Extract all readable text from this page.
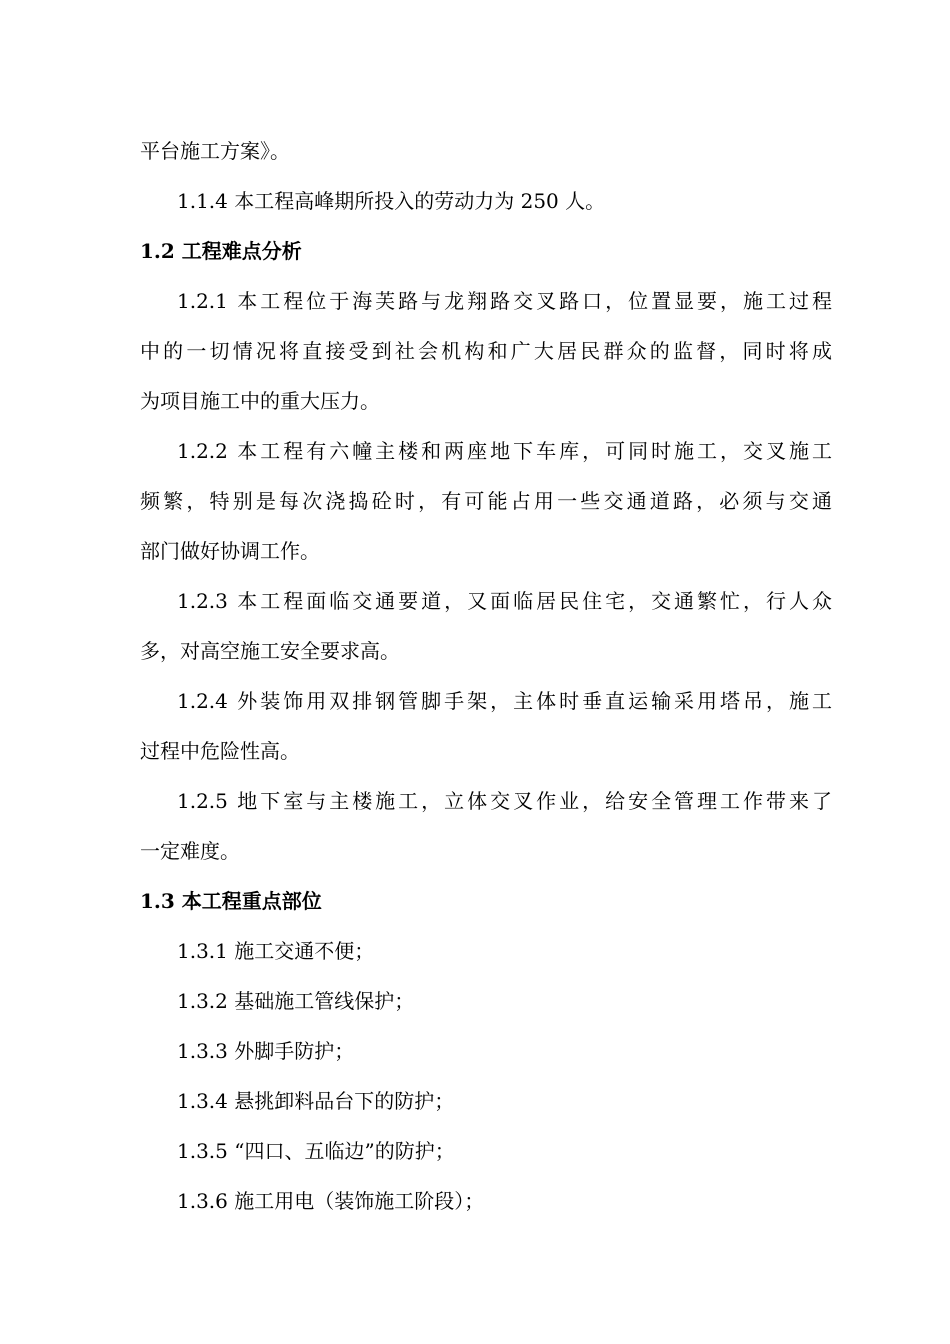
平台施工方案》。
1.1.4 本工程高峰期所投入的劳动力为 250 人。
1.2 工程难点分析
1.2.1 本工程位于海芙路与龙翔路交叉路口，位置显要，施工过程
中的一切情况将直接受到社会机构和广大居民群众的监督，同时将成
为项目施工中的重大压力。
1.2.2 本工程有六幢主楼和两座地下车库，可同时施工，交叉施工
频繁，特别是每次浇捣砼时，有可能占用一些交通道路，必须与交通
部门做好协调工作。
1.2.3 本工程面临交通要道，又面临居民住宅，交通繁忙，行人众
多，对高空施工安全要求高。
1.2.4 外装饰用双排钢管脚手架，主体时垂直运输采用塔吊，施工
过程中危险性高。
1.2.5 地下室与主楼施工，立体交叉作业，给安全管理工作带来了
一定难度。
1.3 本工程重点部位
1.3.1 施工交通不便；
1.3.2 基础施工管线保护；
1.3.3 外脚手防护；
1.3.4 悬挑卸料品台下的防护；
1.3.5 “四口、五临边”的防护；
1.3.6 施工用电（装饰施工阶段）；
